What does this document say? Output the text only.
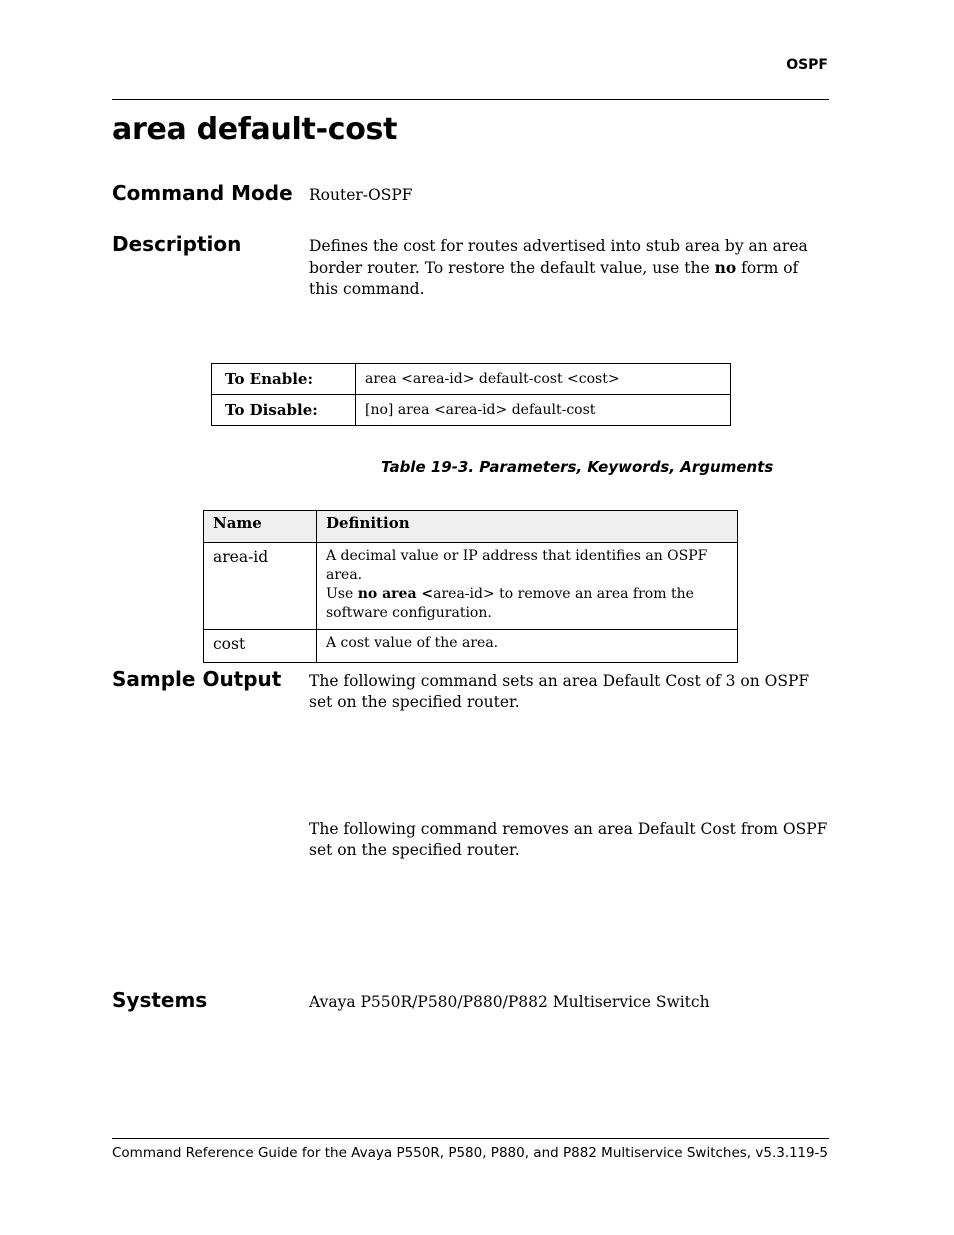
OSPF
area default-cost
Command Mode Router-OSPF

Description	Defines the cost for routes advertised into stub area by an area border router. To restore the default value, use the no form of this command.

To Enable:	area <area-id> default-cost <cost>
To Disable:	[no] area <area-id> default-cost
Table 19-3. Parameters, Keywords, Arguments
Name	Definition
area-id	A decimal value or IP address that identifies an OSPF area.
Use no area <area-id> to remove an area from the
software configuration.
cost	A cost value of the area.
Sample Output The following command sets an area Default Cost of 3 on OSPF set on the specified router.

The following command removes an area Default Cost from OSPF set on the specified router.

Systems	Avaya P550R/P580/P880/P882 Multiservice Switch

Command Reference Guide for the Avaya P550R, P580, P880, and P882 Multiservice Switches, v5.3.1 19-5
